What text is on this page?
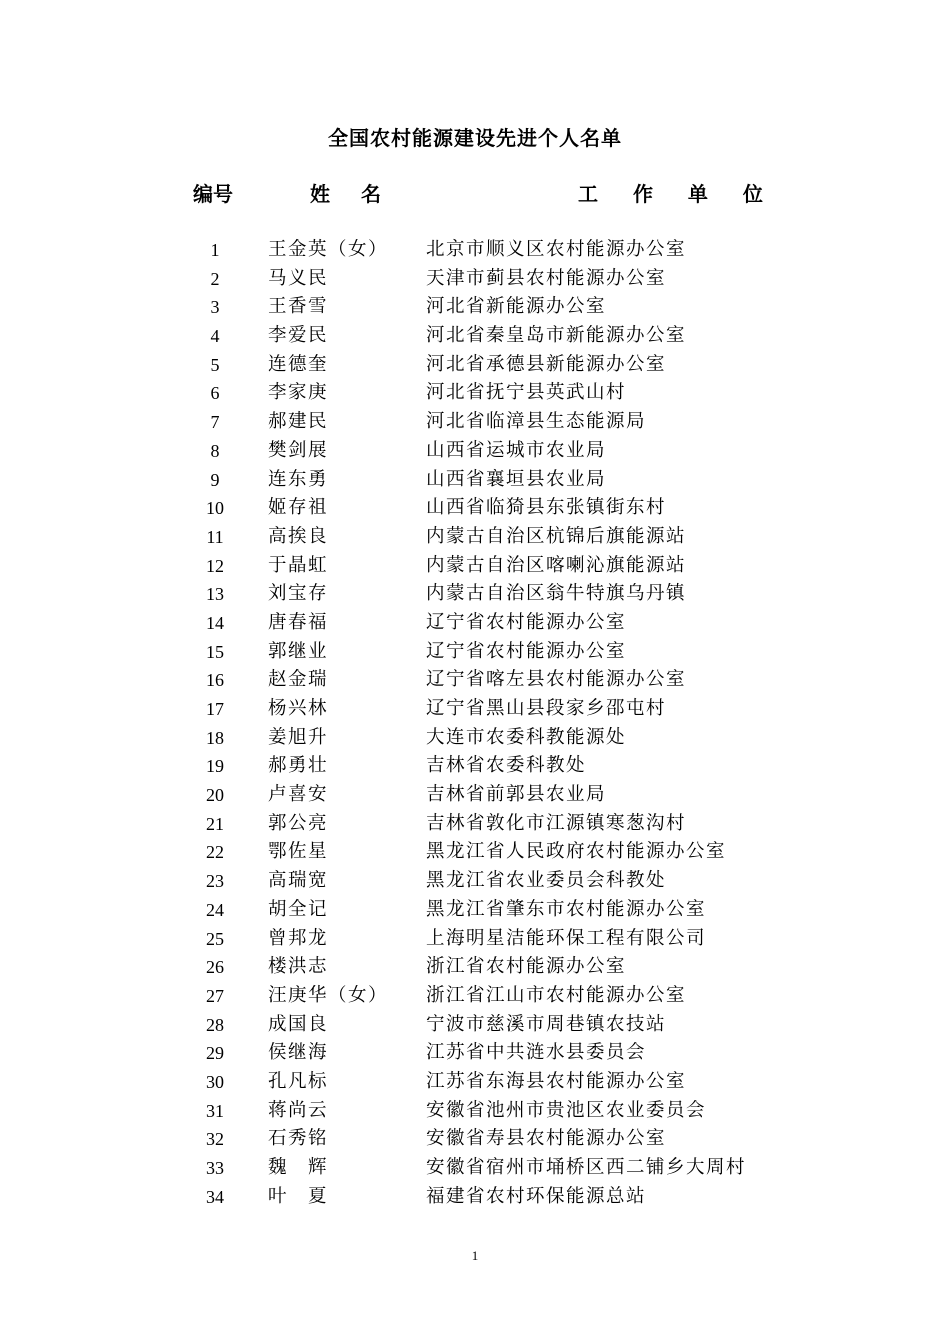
全国农村能源建设先进个人名单
编号	姓 名	工 作 单 位
1	王金英（女） 北京市顺义区农村能源办公室
2	马义民	天津市蓟县农村能源办公室
3	王香雪	河北省新能源办公室
4	李爱民	河北省秦皇岛市新能源办公室
5	连德奎	河北省承德县新能源办公室
6	李家庚	河北省抚宁县英武山村
7	郝建民	河北省临漳县生态能源局
8	樊剑展	山西省运城市农业局
9	连东勇	山西省襄垣县农业局
10	姬存祖	山西省临猗县东张镇街东村
11	高挨良	内蒙古自治区杭锦后旗能源站
12	于晶虹	内蒙古自治区喀喇沁旗能源站
13	刘宝存	内蒙古自治区翁牛特旗乌丹镇
14	唐春福	辽宁省农村能源办公室
15	郭继业	辽宁省农村能源办公室
16	赵金瑞	辽宁省喀左县农村能源办公室
17	杨兴林	辽宁省黑山县段家乡邵屯村
18	姜旭升	大连市农委科教能源处
19	郝勇壮	吉林省农委科教处
20	卢喜安	吉林省前郭县农业局
21	郭公亮	吉林省敦化市江源镇寒葱沟村
22	鄂佐星	黑龙江省人民政府农村能源办公室
23	高瑞宽	黑龙江省农业委员会科教处
24	胡全记	黑龙江省肇东市农村能源办公室
25	曾邦龙	上海明星洁能环保工程有限公司
26	楼洪志	浙江省农村能源办公室
27	汪庚华（女） 浙江省江山市农村能源办公室
28	成国良	宁波市慈溪市周巷镇农技站
29	侯继海	江苏省中共涟水县委员会
30	孔凡标	江苏省东海县农村能源办公室
31	蒋尚云	安徽省池州市贵池区农业委员会
32	石秀铭	安徽省寿县农村能源办公室
33	魏　辉	安徽省宿州市埇桥区西二铺乡大周村
34	叶　夏	福建省农村环保能源总站
1
